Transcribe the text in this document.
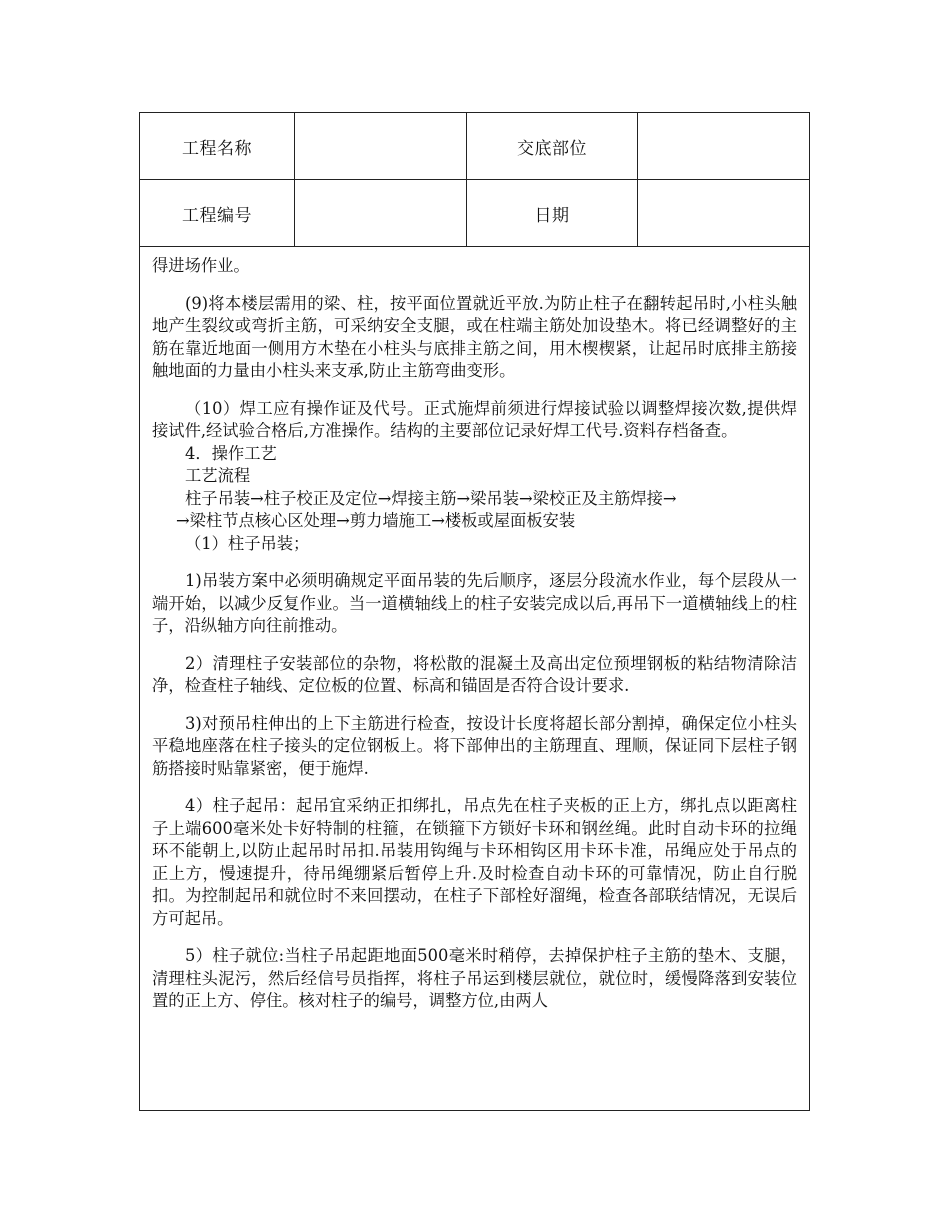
工程名称	交底部位
工程编号	日期

得进场作业。

(9)将本楼层需用的梁、柱，按平面位置就近平放.为防止柱子在翻转起吊时,小柱头触地产生裂纹或弯折主筋，可采纳安全支腿，或在柱端主筋处加设垫木。将已经调整好的主筋在靠近地面一侧用方木垫在小柱头与底排主筋之间，用木楔楔紧，让起吊时底排主筋接触地面的力量由小柱头来支承,防止主筋弯曲变形。

（10）焊工应有操作证及代号。正式施焊前须进行焊接试验以调整焊接次数,提供焊接试件,经试验合格后,方准操作。结构的主要部位记录好焊工代号.资料存档备查。

4．操作工艺

工艺流程

柱子吊装→柱子校正及定位→焊接主筋→梁吊装→梁校正及主筋焊接→

→梁柱节点核心区处理→剪力墙施工→楼板或屋面板安装

（1）柱子吊装；

1)吊装方案中必须明确规定平面吊装的先后顺序，逐层分段流水作业，每个层段从一端开始，以减少反复作业。当一道横轴线上的柱子安装完成以后,再吊下一道横轴线上的柱子，沿纵轴方向往前推动。

2）清理柱子安装部位的杂物，将松散的混凝土及高出定位预埋钢板的粘结物清除洁净，检查柱子轴线、定位板的位置、标高和锚固是否符合设计要求.

3)对预吊柱伸出的上下主筋进行检查，按设计长度将超长部分割掉，确保定位小柱头平稳地座落在柱子接头的定位钢板上。将下部伸出的主筋理直、理顺，保证同下层柱子钢筋搭接时贴靠紧密，便于施焊.

4）柱子起吊：起吊宜采纳正扣绑扎，吊点先在柱子夹板的正上方，绑扎点以距离柱子上端600毫米处卡好特制的柱箍，在锁箍下方锁好卡环和钢丝绳。此时自动卡环的拉绳环不能朝上,以防止起吊时吊扣.吊装用钩绳与卡环相钩区用卡环卡准，吊绳应处于吊点的正上方，慢速提升，待吊绳绷紧后暂停上升.及时检查自动卡环的可靠情况，防止自行脱扣。为控制起吊和就位时不来回摆动，在柱子下部栓好溜绳，检查各部联结情况，无误后方可起吊。

5）柱子就位:当柱子吊起距地面500毫米时稍停，去掉保护柱子主筋的垫木、支腿，清理柱头泥污，然后经信号员指挥，将柱子吊运到楼层就位，就位时，缓慢降落到安装位置的正上方、停住。核对柱子的编号，调整方位,由两人
